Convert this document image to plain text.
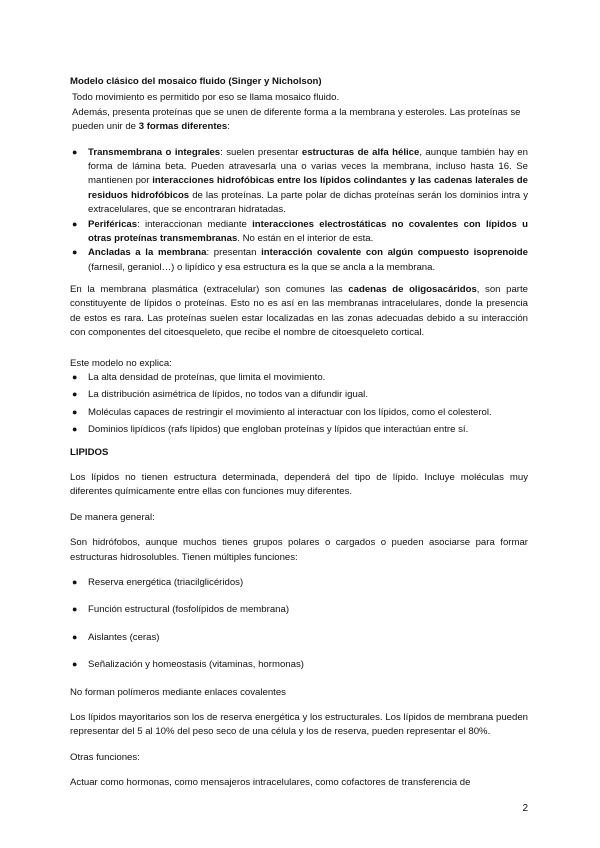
Modelo clásico del mosaico fluido (Singer y Nicholson)

Todo movimiento es permitido por eso se llama mosaico fluido.

Además, presenta proteínas que se unen de diferente forma a la membrana y esteroles. Las proteínas se pueden unir de 3 formas diferentes:

● Transmembrana o integrales: suelen presentar estructuras de alfa hélice, aunque también hay en forma de lámina beta. Pueden atravesarla una o varias veces la membrana, incluso hasta 16. Se mantienen por interacciones hidrofóbicas entre los lípidos colindantes y las cadenas laterales de residuos hidrofóbicos de las proteínas. La parte polar de dichas proteínas serán los dominios intra y extracelulares, que se encontraran hidratadas.
● Periféricas: interaccionan mediante interacciones electrostáticas no covalentes con lípidos u otras proteínas transmembranas. No están en el interior de esta.
● Ancladas a la membrana: presentan interacción covalente con algún compuesto isoprenoide (farnesil, geraniol…) o lipídico y esa estructura es la que se ancla a la membrana.

En la membrana plasmática (extracelular) son comunes las cadenas de oligosacáridos, son parte constituyente de lípidos o proteínas. Esto no es así en las membranas intracelulares, donde la presencia de estos es rara. Las proteínas suelen estar localizadas en las zonas adecuadas debido a su interacción con componentes del citoesqueleto, que recibe el nombre de citoesqueleto cortical.

Este modelo no explica:

● La alta densidad de proteínas, que limita el movimiento.
● La distribución asimétrica de lípidos, no todos van a difundir igual.
● Moléculas capaces de restringir el movimiento al interactuar con los lípidos, como el colesterol.
● Dominios lipídicos (rafs lípidos) que engloban proteínas y lípidos que interactúan entre sí.

LIPIDOS

Los lípidos no tienen estructura determinada, dependerá del tipo de lípido. Incluye moléculas muy diferentes químicamente entre ellas con funciones muy diferentes.

De manera general:

Son hidrófobos, aunque muchos tienes grupos polares o cargados o pueden asociarse para formar estructuras hidrosolubles. Tienen múltiples funciones:

● Reserva energética (triacilglicéridos)
● Función estructural (fosfolípidos de membrana)
● Aislantes (ceras)
● Señalización y homeostasis (vitaminas, hormonas)

No forman polímeros mediante enlaces covalentes

Los lípidos mayoritarios son los de reserva energética y los estructurales. Los lípidos de membrana pueden representar del 5 al 10% del peso seco de una célula y los de reserva, pueden representar el 80%.

Otras funciones:

Actuar como hormonas, como mensajeros intracelulares, como cofactores de transferencia de

2
